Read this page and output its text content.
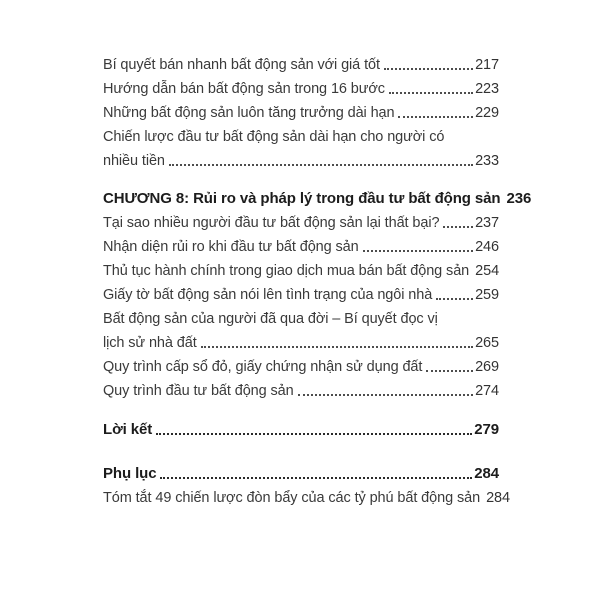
Bí quyết bán nhanh bất động sản với giá tốt	217
Hướng dẫn bán bất động sản trong 16 bước	223
Những bất động sản luôn tăng trưởng dài hạn	229
Chiến lược đầu tư bất động sản dài hạn cho người có
nhiều tiền	233
CHƯƠNG 8: Rủi ro và pháp lý trong đầu tư bất động sản 236
Tại sao nhiều người đầu tư bất động sản lại thất bại? 237
Nhận diện rủi ro khi đầu tư bất động sản	246
Thủ tục hành chính trong giao dịch mua bán bất động sản 254
Giấy tờ bất động sản nói lên tình trạng của ngôi nhà	259
Bất động sản của người đã qua đời – Bí quyết đọc vị
lịch sử nhà đất	265
Quy trình cấp sổ đỏ, giấy chứng nhận sử dụng đất	269
Quy trình đầu tư bất động sản	274
Lời kết	279
Phụ lục	284
Tóm tắt 49 chiến lược đòn bẩy của các tỷ phú bất động sản 284
